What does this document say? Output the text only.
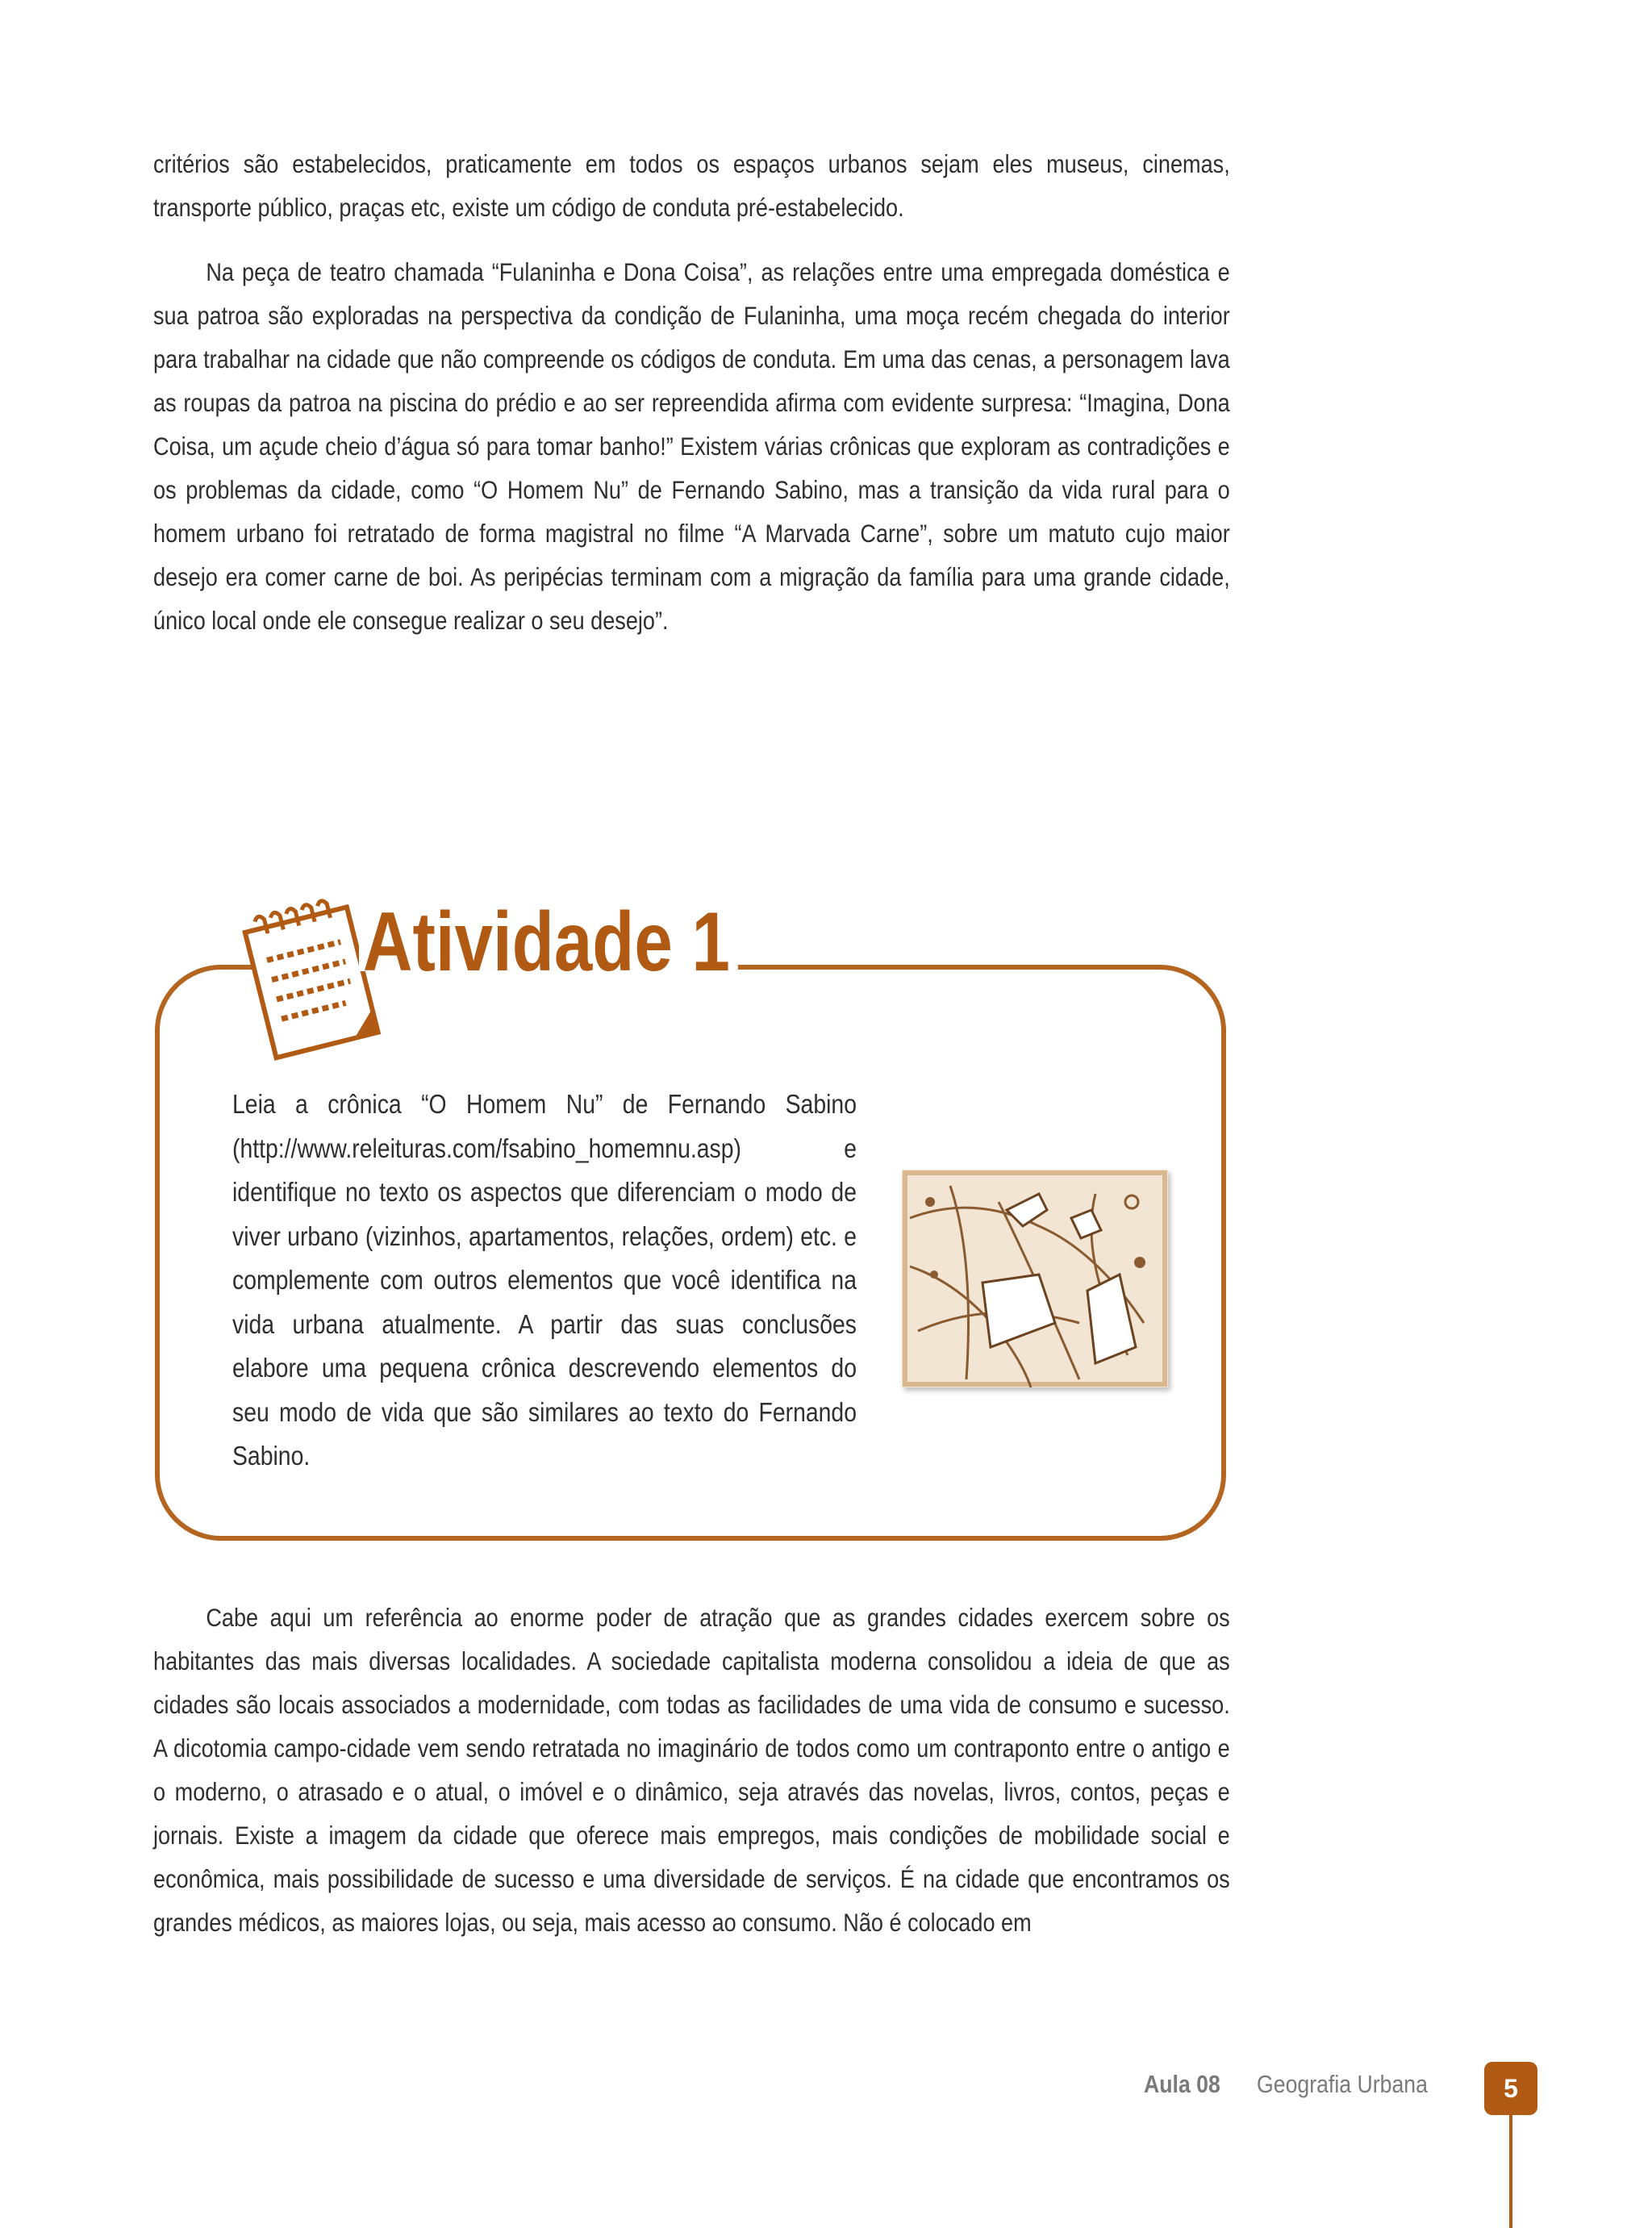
critérios são estabelecidos, praticamente em todos os espaços urbanos sejam eles museus, cinemas, transporte público, praças etc, existe um código de conduta pré-estabelecido.

Na peça de teatro chamada “Fulaninha e Dona Coisa”, as relações entre uma empregada doméstica e sua patroa são exploradas na perspectiva da condição de Fulaninha, uma moça recém chegada do interior para trabalhar na cidade que não compreende os códigos de conduta. Em uma das cenas, a personagem lava as roupas da patroa na piscina do prédio e ao ser repreendida afirma com evidente surpresa: “Imagina, Dona Coisa, um açude cheio d’água só para tomar banho!” Existem várias crônicas que exploram as contradições e os problemas da cidade, como “O Homem Nu” de Fernando Sabino, mas a transição da vida rural para o homem urbano foi retratado de forma magistral no filme “A Marvada Carne”, sobre um matuto cujo maior desejo era comer carne de boi. As peripécias terminam com a migração da família para uma grande cidade, único local onde ele consegue realizar o seu desejo”.

Atividade 1
Leia a crônica “O Homem Nu” de Fernando Sabino (http://www.releituras.com/fsabino_homemnu.asp) e identifique no texto os aspectos que diferenciam o modo de viver urbano (vizinhos, apartamentos, relações, ordem) etc. e complemente com outros elementos que você identifica na vida urbana atualmente. A partir das suas conclusões elabore uma pequena crônica descrevendo elementos do seu modo de vida que são similares ao texto do Fernando Sabino.

Cabe aqui um referência ao enorme poder de atração que as grandes cidades exercem sobre os habitantes das mais diversas localidades. A sociedade capitalista moderna consolidou a ideia de que as cidades são locais associados a modernidade, com todas as facilidades de uma vida de consumo e sucesso. A dicotomia campo-cidade vem sendo retratada no imaginário de todos como um contraponto entre o antigo e o moderno, o atrasado e o atual, o imóvel e o dinâmico, seja através das novelas, livros, contos, peças e jornais. Existe a imagem da cidade que oferece mais empregos, mais condições de mobilidade social e econômica, mais possibilidade de sucesso e uma diversidade de serviços. É na cidade que encontramos os grandes médicos, as maiores lojas, ou seja, mais acesso ao consumo. Não é colocado em

Aula 08 Geografia Urbana	5
